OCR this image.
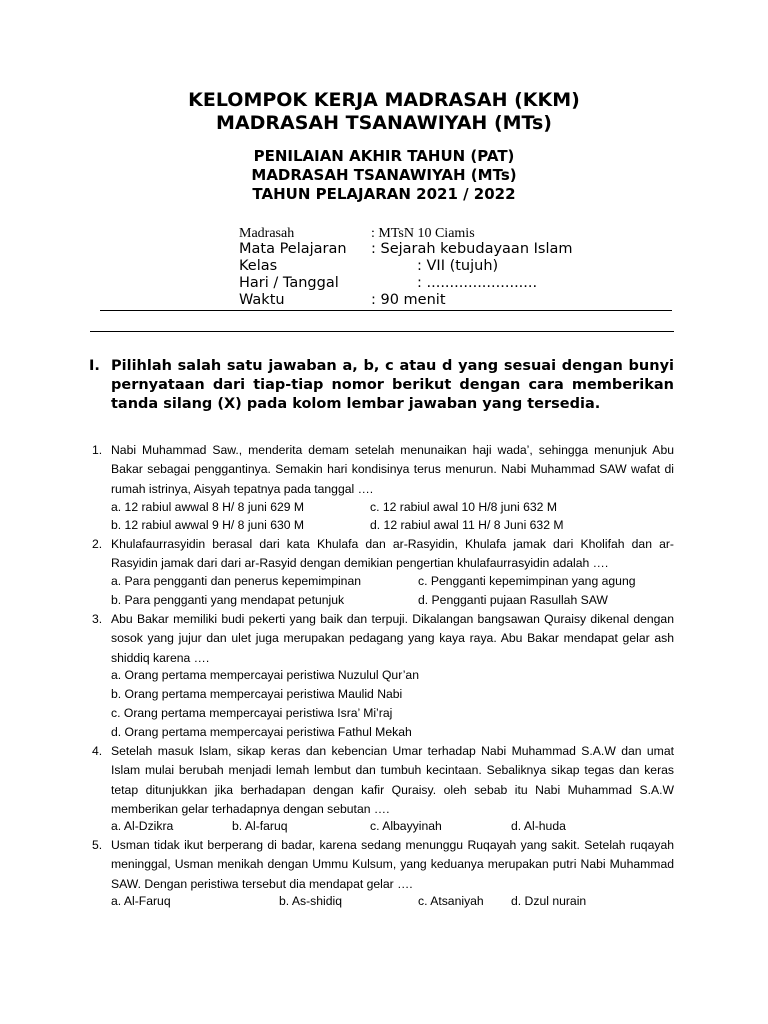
KELOMPOK KERJA MADRASAH (KKM)
MADRASAH TSANAWIYAH (MTs)
PENILAIAN AKHIR TAHUN (PAT)
MADRASAH TSANAWIYAH (MTs)
TAHUN PELAJARAN 2021 / 2022
Madrasah	: MTsN 10 Ciamis
Mata Pelajaran : Sejarah kebudayaan Islam
Kelas	: VII (tujuh)
Hari / Tanggal	: ........................
Waktu	: 90 menit
I. Pilihlah salah satu jawaban a, b, c atau d yang sesuai dengan bunyi pernyataan dari tiap-tiap nomor berikut dengan cara memberikan tanda silang (X) pada kolom lembar jawaban yang tersedia.
1. Nabi Muhammad Saw., menderita demam setelah menunaikan haji wada’, sehingga menunjuk Abu Bakar sebagai penggantinya. Semakin hari kondisinya terus menurun. Nabi Muhammad SAW wafat di rumah istrinya, Aisyah tepatnya pada tanggal ….
a. 12 rabiul awwal 8 H/ 8 juni 629 M	c. 12 rabiul awal 10 H/8 juni 632 M
b. 12 rabiul awwal 9 H/ 8 juni 630 M	d. 12 rabiul awal 11 H/ 8 Juni 632 M
2. Khulafaurrasyidin berasal dari kata Khulafa dan ar-Rasyidin, Khulafa jamak dari Kholifah dan ar-Rasyidin jamak dari dari ar-Rasyid dengan demikian pengertian khulafaurrasyidin adalah ….
a. Para pengganti dan penerus kepemimpinan	c. Pengganti kepemimpinan yang agung
b. Para pengganti yang mendapat petunjuk	d. Pengganti pujaan Rasullah SAW
3. Abu Bakar memiliki budi pekerti yang baik dan terpuji. Dikalangan bangsawan Quraisy dikenal dengan sosok yang jujur dan ulet juga merupakan pedagang yang kaya raya. Abu Bakar mendapat gelar ash shiddiq karena ….
a. Orang pertama mempercayai peristiwa Nuzulul Qur’an
b. Orang pertama mempercayai peristiwa Maulid Nabi
c. Orang pertama mempercayai peristiwa Isra’ Mi’raj
d. Orang pertama mempercayai peristiwa Fathul Mekah
4. Setelah masuk Islam, sikap keras dan kebencian Umar terhadap Nabi Muhammad S.A.W dan umat Islam mulai berubah menjadi lemah lembut dan tumbuh kecintaan. Sebaliknya sikap tegas dan keras tetap ditunjukkan jika berhadapan dengan kafir Quraisy. oleh sebab itu Nabi Muhammad S.A.W memberikan gelar terhadapnya dengan sebutan ….
a. Al-Dzikra	b. Al-faruq	c. Albayyinah	d. Al-huda
5. Usman tidak ikut berperang di badar, karena sedang menunggu Ruqayah yang sakit. Setelah ruqayah meninggal, Usman menikah dengan Ummu Kulsum, yang keduanya merupakan putri Nabi Muhammad SAW. Dengan peristiwa tersebut dia mendapat gelar ….
a. Al-Faruq	b. As-shidiq	c. Atsaniyah d. Dzul nurain
